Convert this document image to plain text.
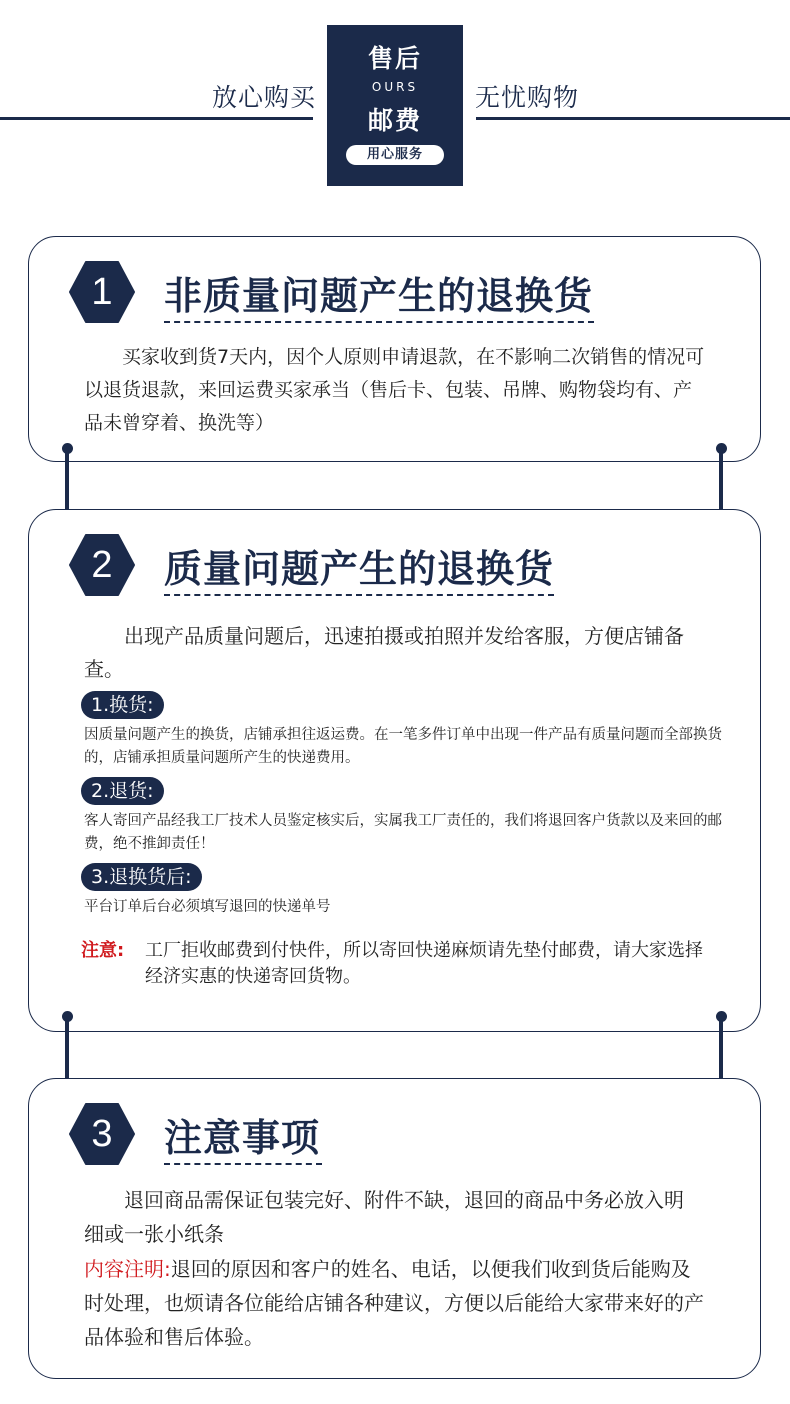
放心购买	无忧购物
售后
OURS
邮费
用心服务
1	非质量问题产生的退换货
买家收到货7天内，因个人原则申请退款，在不影响二次销售的情况可以退货退款，来回运费买家承当（售后卡、包装、吊牌、购物袋均有、产品未曾穿着、换洗等）
2	质量问题产生的退换货
出现产品质量问题后，迅速拍摄或拍照并发给客服，方便店铺备查。
1.换货:
因质量问题产生的换货，店铺承担往返运费。在一笔多件订单中出现一件产品有质量问题而全部换货的，店铺承担质量问题所产生的快递费用。
2.退货:
客人寄回产品经我工厂技术人员鉴定核实后，实属我工厂责任的，我们将退回客户货款以及来回的邮费，绝不推卸责任！
3.退换货后:
平台订单后台必须填写退回的快递单号
注意: 工厂拒收邮费到付快件，所以寄回快递麻烦请先垫付邮费，请大家选择经济实惠的快递寄回货物。
3	注意事项
退回商品需保证包装完好、附件不缺，退回的商品中务必放入明细或一张小纸条
内容注明:退回的原因和客户的姓名、电话，以便我们收到货后能购及时处理，也烦请各位能给店铺各种建议，方便以后能给大家带来好的产品体验和售后体验。
